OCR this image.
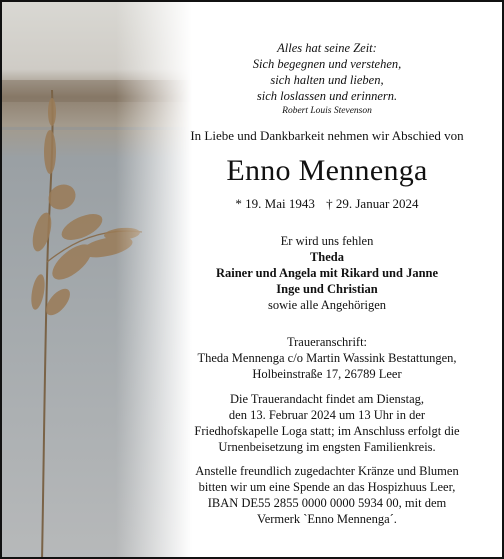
Alles hat seine Zeit:
Sich begegnen und verstehen,
sich halten und lieben,
sich loslassen und erinnern.
Robert Louis Stevenson
In Liebe und Dankbarkeit nehmen wir Abschied von
Enno Mennenga
* 19. Mai 1943 † 29. Januar 2024
Er wird uns fehlen
Theda
Rainer und Angela mit Rikard und Janne
Inge und Christian
sowie alle Angehörigen
Traueranschrift:
Theda Mennenga c/o Martin Wassink Bestattungen,
Holbeinstraße 17, 26789 Leer
Die Trauerandacht findet am Dienstag,
den 13. Februar 2024 um 13 Uhr in der
Friedhofskapelle Loga statt; im Anschluss erfolgt die
Urnenbeisetzung im engsten Familienkreis.
Anstelle freundlich zugedachter Kränze und Blumen
bitten wir um eine Spende an das Hospizhuus Leer,
IBAN DE55 2855 0000 0000 5934 00, mit dem
Vermerk `Enno Mennenga´.
